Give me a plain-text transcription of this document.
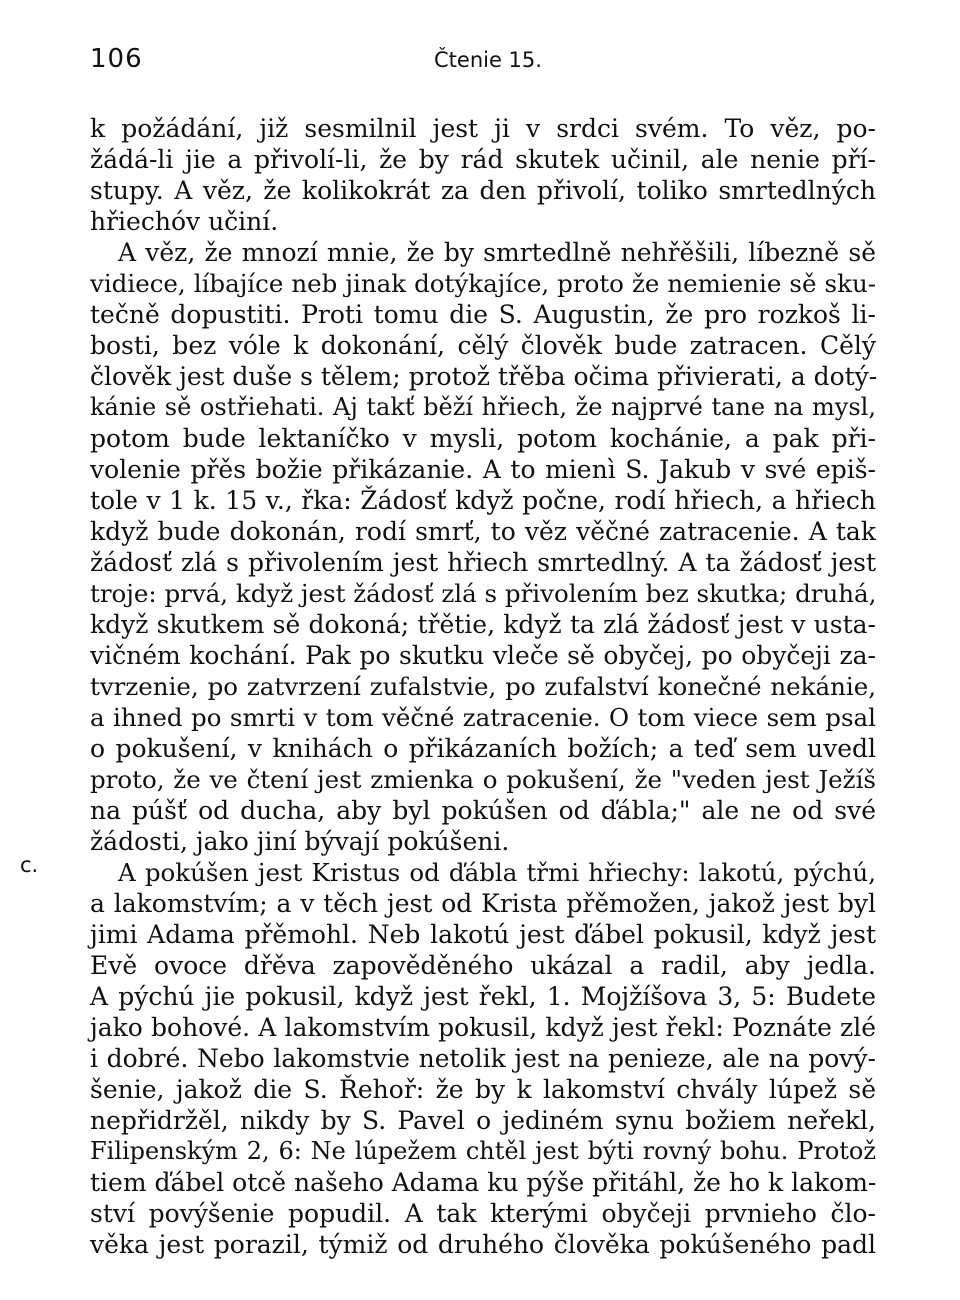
106	Čtenie 15.
c.
k požádání, již sesmilnil jest ji v srdci svém. To věz, po-
žádá-li jie a přivolí-li, že by rád skutek učinil, ale nenie pří-
stupy. A věz, že kolikokrát za den přivolí, toliko smrtedlných
hřiechóv učiní.
A věz, že mnozí mnie, že by smrtedlně nehřěšili, líbezně sě
vidiece, líbajíce neb jinak dotýkajíce, proto že nemienie sě sku-
tečně dopustiti. Proti tomu die S. Augustin, že pro rozkoš li-
bosti, bez vóle k dokonání, cělý člověk bude zatracen. Cělý
člověk jest duše s tělem; protož třěba očima přivierati, a dotý-
kánie sě ostřiehati. Aj takť běží hřiech, že najprvé tane na mysl,
potom bude lektaníčko v mysli, potom kochánie, a pak při-
volenie přěs božie přikázanie. A to mienì S. Jakub v své epiš-
tole v 1 k. 15 v., řka: Žádosť když počne, rodí hřiech, a hřiech
když bude dokonán, rodí smrť, to věz věčné zatracenie. A tak
žádosť zlá s přivolením jest hřiech smrtedlný. A ta žádosť jest
troje: prvá, když jest žádosť zlá s přivolením bez skutka; druhá,
když skutkem sě dokoná; třětie, když ta zlá žádosť jest v usta-
vičném kochání. Pak po skutku vleče sě obyčej, po obyčeji za-
tvrzenie, po zatvrzení zufalstvie, po zufalství konečné nekánie,
a ihned po smrti v tom věčné zatracenie. O tom viece sem psal
o pokušení, v knihách o přikázaních božích; a teď sem uvedl
proto, že ve čtení jest zmienka o pokušení, že "veden jest Ježíš
na púšť od ducha, aby byl pokúšen od ďábla;" ale ne od své
žádosti, jako jiní bývají pokúšeni.
A pokúšen jest Kristus od ďábla třmi hřiechy: lakotú, pýchú,
a lakomstvím; a v těch jest od Krista přěmožen, jakož jest byl
jimi Adama přěmohl. Neb lakotú jest ďábel pokusil, když jest
Evě ovoce dřěva zapověděného ukázal a radil, aby jedla.
A pýchú jie pokusil, když jest řekl, 1. Mojžíšova 3, 5: Budete
jako bohové. A lakomstvím pokusil, když jest řekl: Poznáte zlé
i dobré. Nebo lakomstvie netolik jest na penieze, ale na pový-
šenie, jakož die S. Řehoř: že by k lakomství chvály lúpež sě
nepřidržěl, nikdy by S. Pavel o jediném synu božiem neřekl,
Filipenským 2, 6: Ne lúpežem chtěl jest býti rovný bohu. Protož
tiem ďábel otcě našeho Adama ku pýše přitáhl, že ho k lakom-
ství povýšenie popudil. A tak kterými obyčeji prvnieho člo-
věka jest porazil, týmiž od druhého člověka pokúšeného padl
